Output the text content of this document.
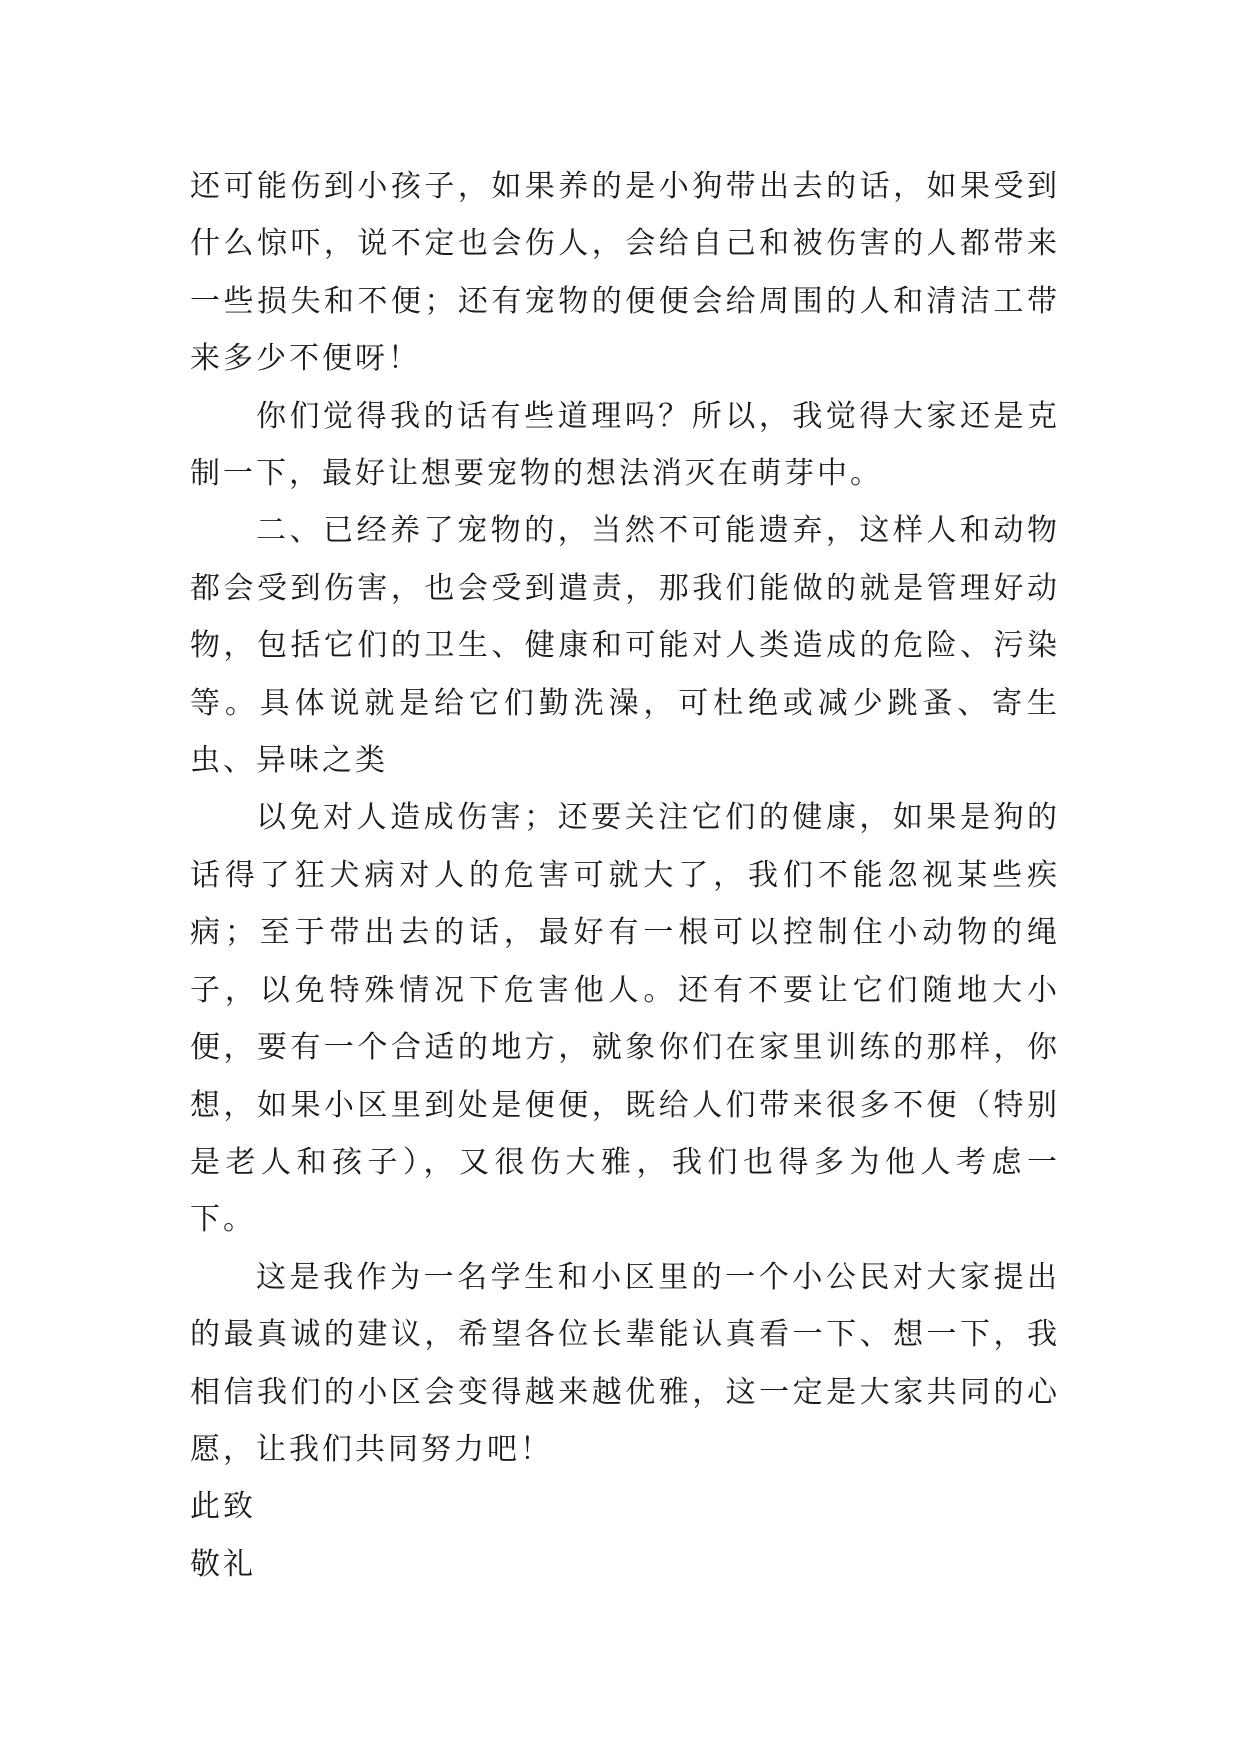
还可能伤到小孩子，如果养的是小狗带出去的话，如果受到什么惊吓，说不定也会伤人，会给自己和被伤害的人都带来一些损失和不便；还有宠物的便便会给周围的人和清洁工带来多少不便呀！

你们觉得我的话有些道理吗？所以，我觉得大家还是克制一下，最好让想要宠物的想法消灭在萌芽中。

二、已经养了宠物的，当然不可能遗弃，这样人和动物都会受到伤害，也会受到遣责，那我们能做的就是管理好动物，包括它们的卫生、健康和可能对人类造成的危险、污染等。具体说就是给它们勤洗澡，可杜绝或减少跳蚤、寄生虫、异味之类

以免对人造成伤害；还要关注它们的健康，如果是狗的话得了狂犬病对人的危害可就大了，我们不能忽视某些疾病；至于带出去的话，最好有一根可以控制住小动物的绳子，以免特殊情况下危害他人。还有不要让它们随地大小便，要有一个合适的地方，就象你们在家里训练的那样，你想，如果小区里到处是便便，既给人们带来很多不便（特别是老人和孩子），又很伤大雅，我们也得多为他人考虑一下。

这是我作为一名学生和小区里的一个小公民对大家提出的最真诚的建议，希望各位长辈能认真看一下、想一下，我相信我们的小区会变得越来越优雅，这一定是大家共同的心愿，让我们共同努力吧！

此致

敬礼
